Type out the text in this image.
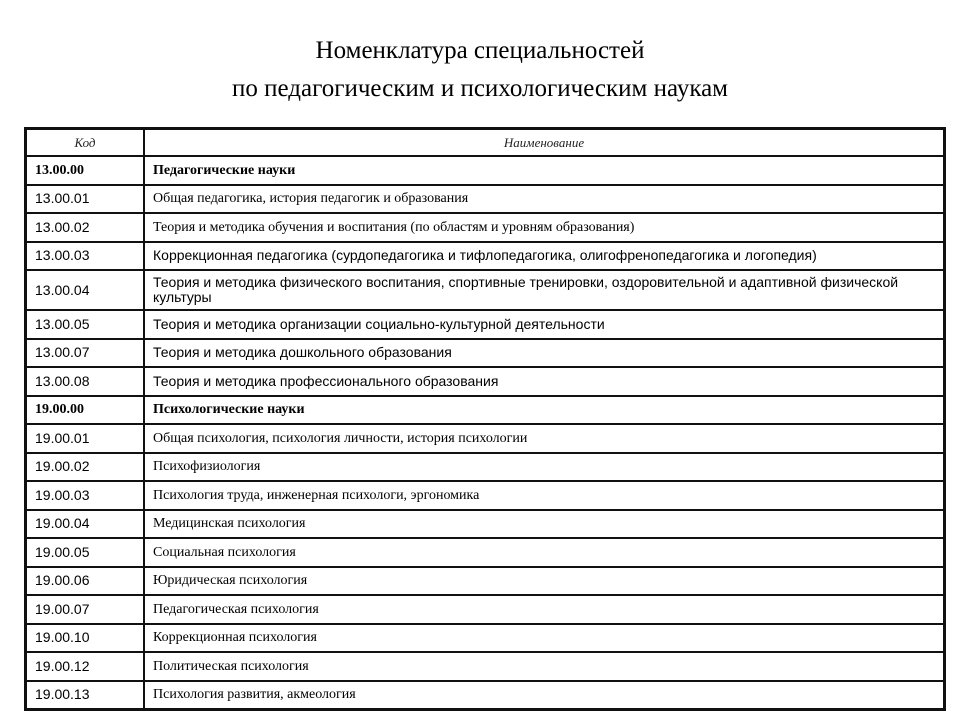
Номенклатура специальностей
по педагогическим и психологическим наукам
Код	Наименование
13.00.00	Педагогические науки
13.00.01	Общая педагогика, история педагогик и образования
13.00.02	Теория и методика обучения и воспитания (по областям и уровням образования)
13.00.03	Коррекционная педагогика (сурдопедагогика и тифлопедагогика, олигофренопедагогика и логопедия)
13.00.04	Теория и методика физического воспитания, спортивные тренировки, оздоровительной и адаптивной физической культуры
13.00.05	Теория и методика организации социально-культурной деятельности
13.00.07	Теория и методика дошкольного образования
13.00.08	Теория и методика профессионального образования
19.00.00	Психологические науки
19.00.01	Общая психология, психология личности, история психологии
19.00.02	Психофизиология
19.00.03	Психология труда, инженерная психологи, эргономика
19.00.04	Медицинская психология
19.00.05	Социальная психология
19.00.06	Юридическая психология
19.00.07	Педагогическая психология
19.00.10	Коррекционная психология
19.00.12	Политическая психология
19.00.13	Психология развития, акмеология
